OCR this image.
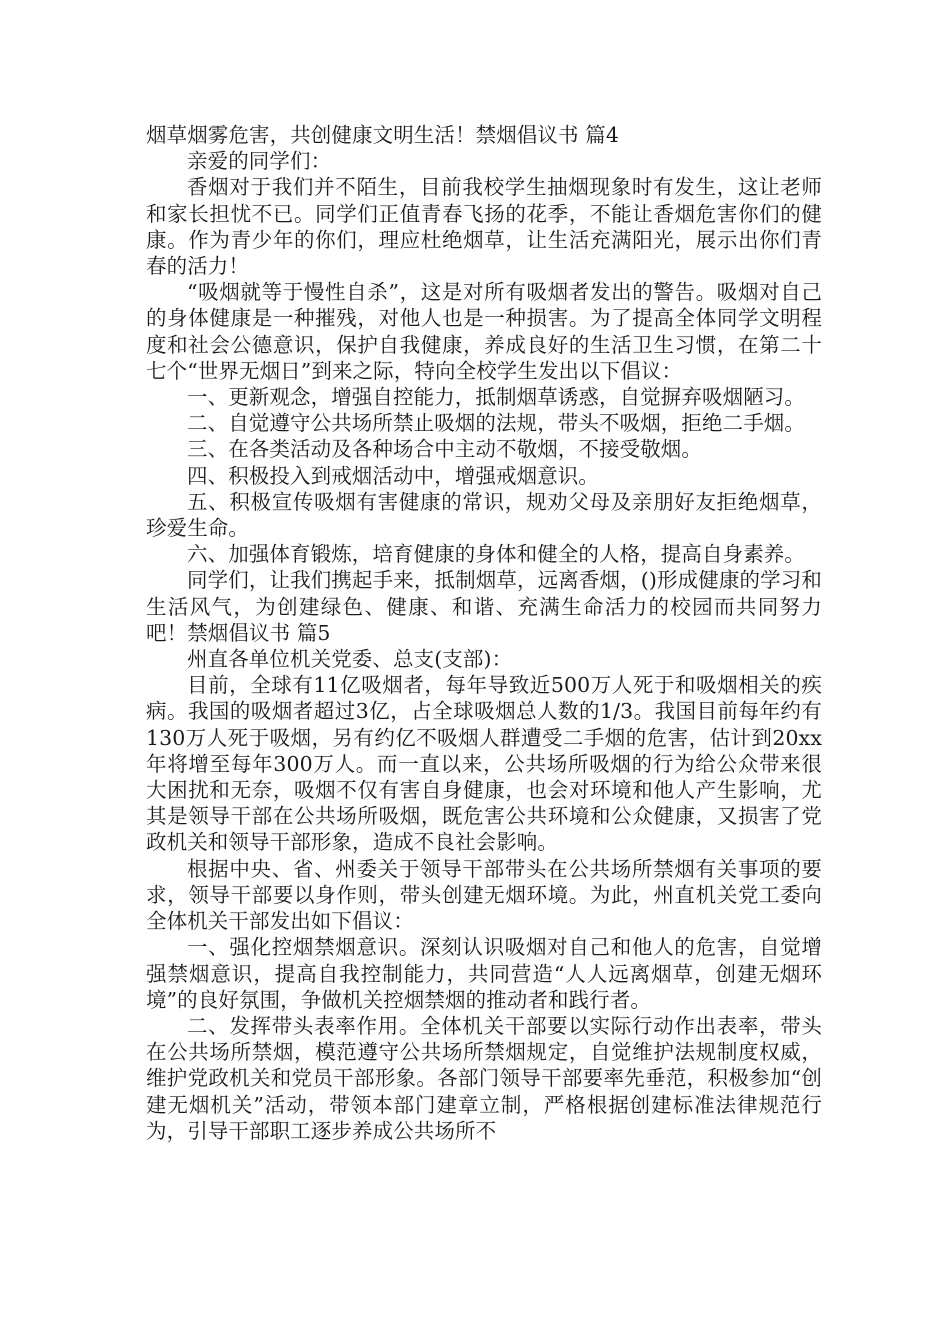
烟草烟雾危害，共创健康文明生活！禁烟倡议书 篇4

亲爱的同学们：

香烟对于我们并不陌生，目前我校学生抽烟现象时有发生，这让老师和家长担忧不已。同学们正值青春飞扬的花季，不能让香烟危害你们的健康。作为青少年的你们，理应杜绝烟草，让生活充满阳光，展示出你们青春的活力！

“吸烟就等于慢性自杀”，这是对所有吸烟者发出的警告。吸烟对自己的身体健康是一种摧残，对他人也是一种损害。为了提高全体同学文明程度和社会公德意识，保护自我健康，养成良好的生活卫生习惯，在第二十七个“世界无烟日”到来之际，特向全校学生发出以下倡议：

一、更新观念，增强自控能力，抵制烟草诱惑，自觉摒弃吸烟陋习。

二、自觉遵守公共场所禁止吸烟的法规，带头不吸烟，拒绝二手烟。

三、在各类活动及各种场合中主动不敬烟，不接受敬烟。

四、积极投入到戒烟活动中，增强戒烟意识。

五、积极宣传吸烟有害健康的常识，规劝父母及亲朋好友拒绝烟草，珍爱生命。

六、加强体育锻炼，培育健康的身体和健全的人格，提高自身素养。

同学们，让我们携起手来，抵制烟草，远离香烟，()形成健康的学习和生活风气，为创建绿色、健康、和谐、充满生命活力的校园而共同努力吧！禁烟倡议书 篇5

州直各单位机关党委、总支(支部)：

目前，全球有11亿吸烟者，每年导致近500万人死于和吸烟相关的疾病。我国的吸烟者超过3亿，占全球吸烟总人数的1/3。我国目前每年约有130万人死于吸烟，另有约亿不吸烟人群遭受二手烟的危害，估计到20xx年将增至每年300万人。而一直以来，公共场所吸烟的行为给公众带来很大困扰和无奈，吸烟不仅有害自身健康，也会对环境和他人产生影响，尤其是领导干部在公共场所吸烟，既危害公共环境和公众健康，又损害了党政机关和领导干部形象，造成不良社会影响。

根据中央、省、州委关于领导干部带头在公共场所禁烟有关事项的要求，领导干部要以身作则，带头创建无烟环境。为此，州直机关党工委向全体机关干部发出如下倡议：

一、强化控烟禁烟意识。深刻认识吸烟对自己和他人的危害，自觉增强禁烟意识，提高自我控制能力，共同营造“人人远离烟草，创建无烟环境”的良好氛围，争做机关控烟禁烟的推动者和践行者。

二、发挥带头表率作用。全体机关干部要以实际行动作出表率，带头在公共场所禁烟，模范遵守公共场所禁烟规定，自觉维护法规制度权威，维护党政机关和党员干部形象。各部门领导干部要率先垂范，积极参加“创建无烟机关”活动，带领本部门建章立制，严格根据创建标准法律规范行为，引导干部职工逐步养成公共场所不
